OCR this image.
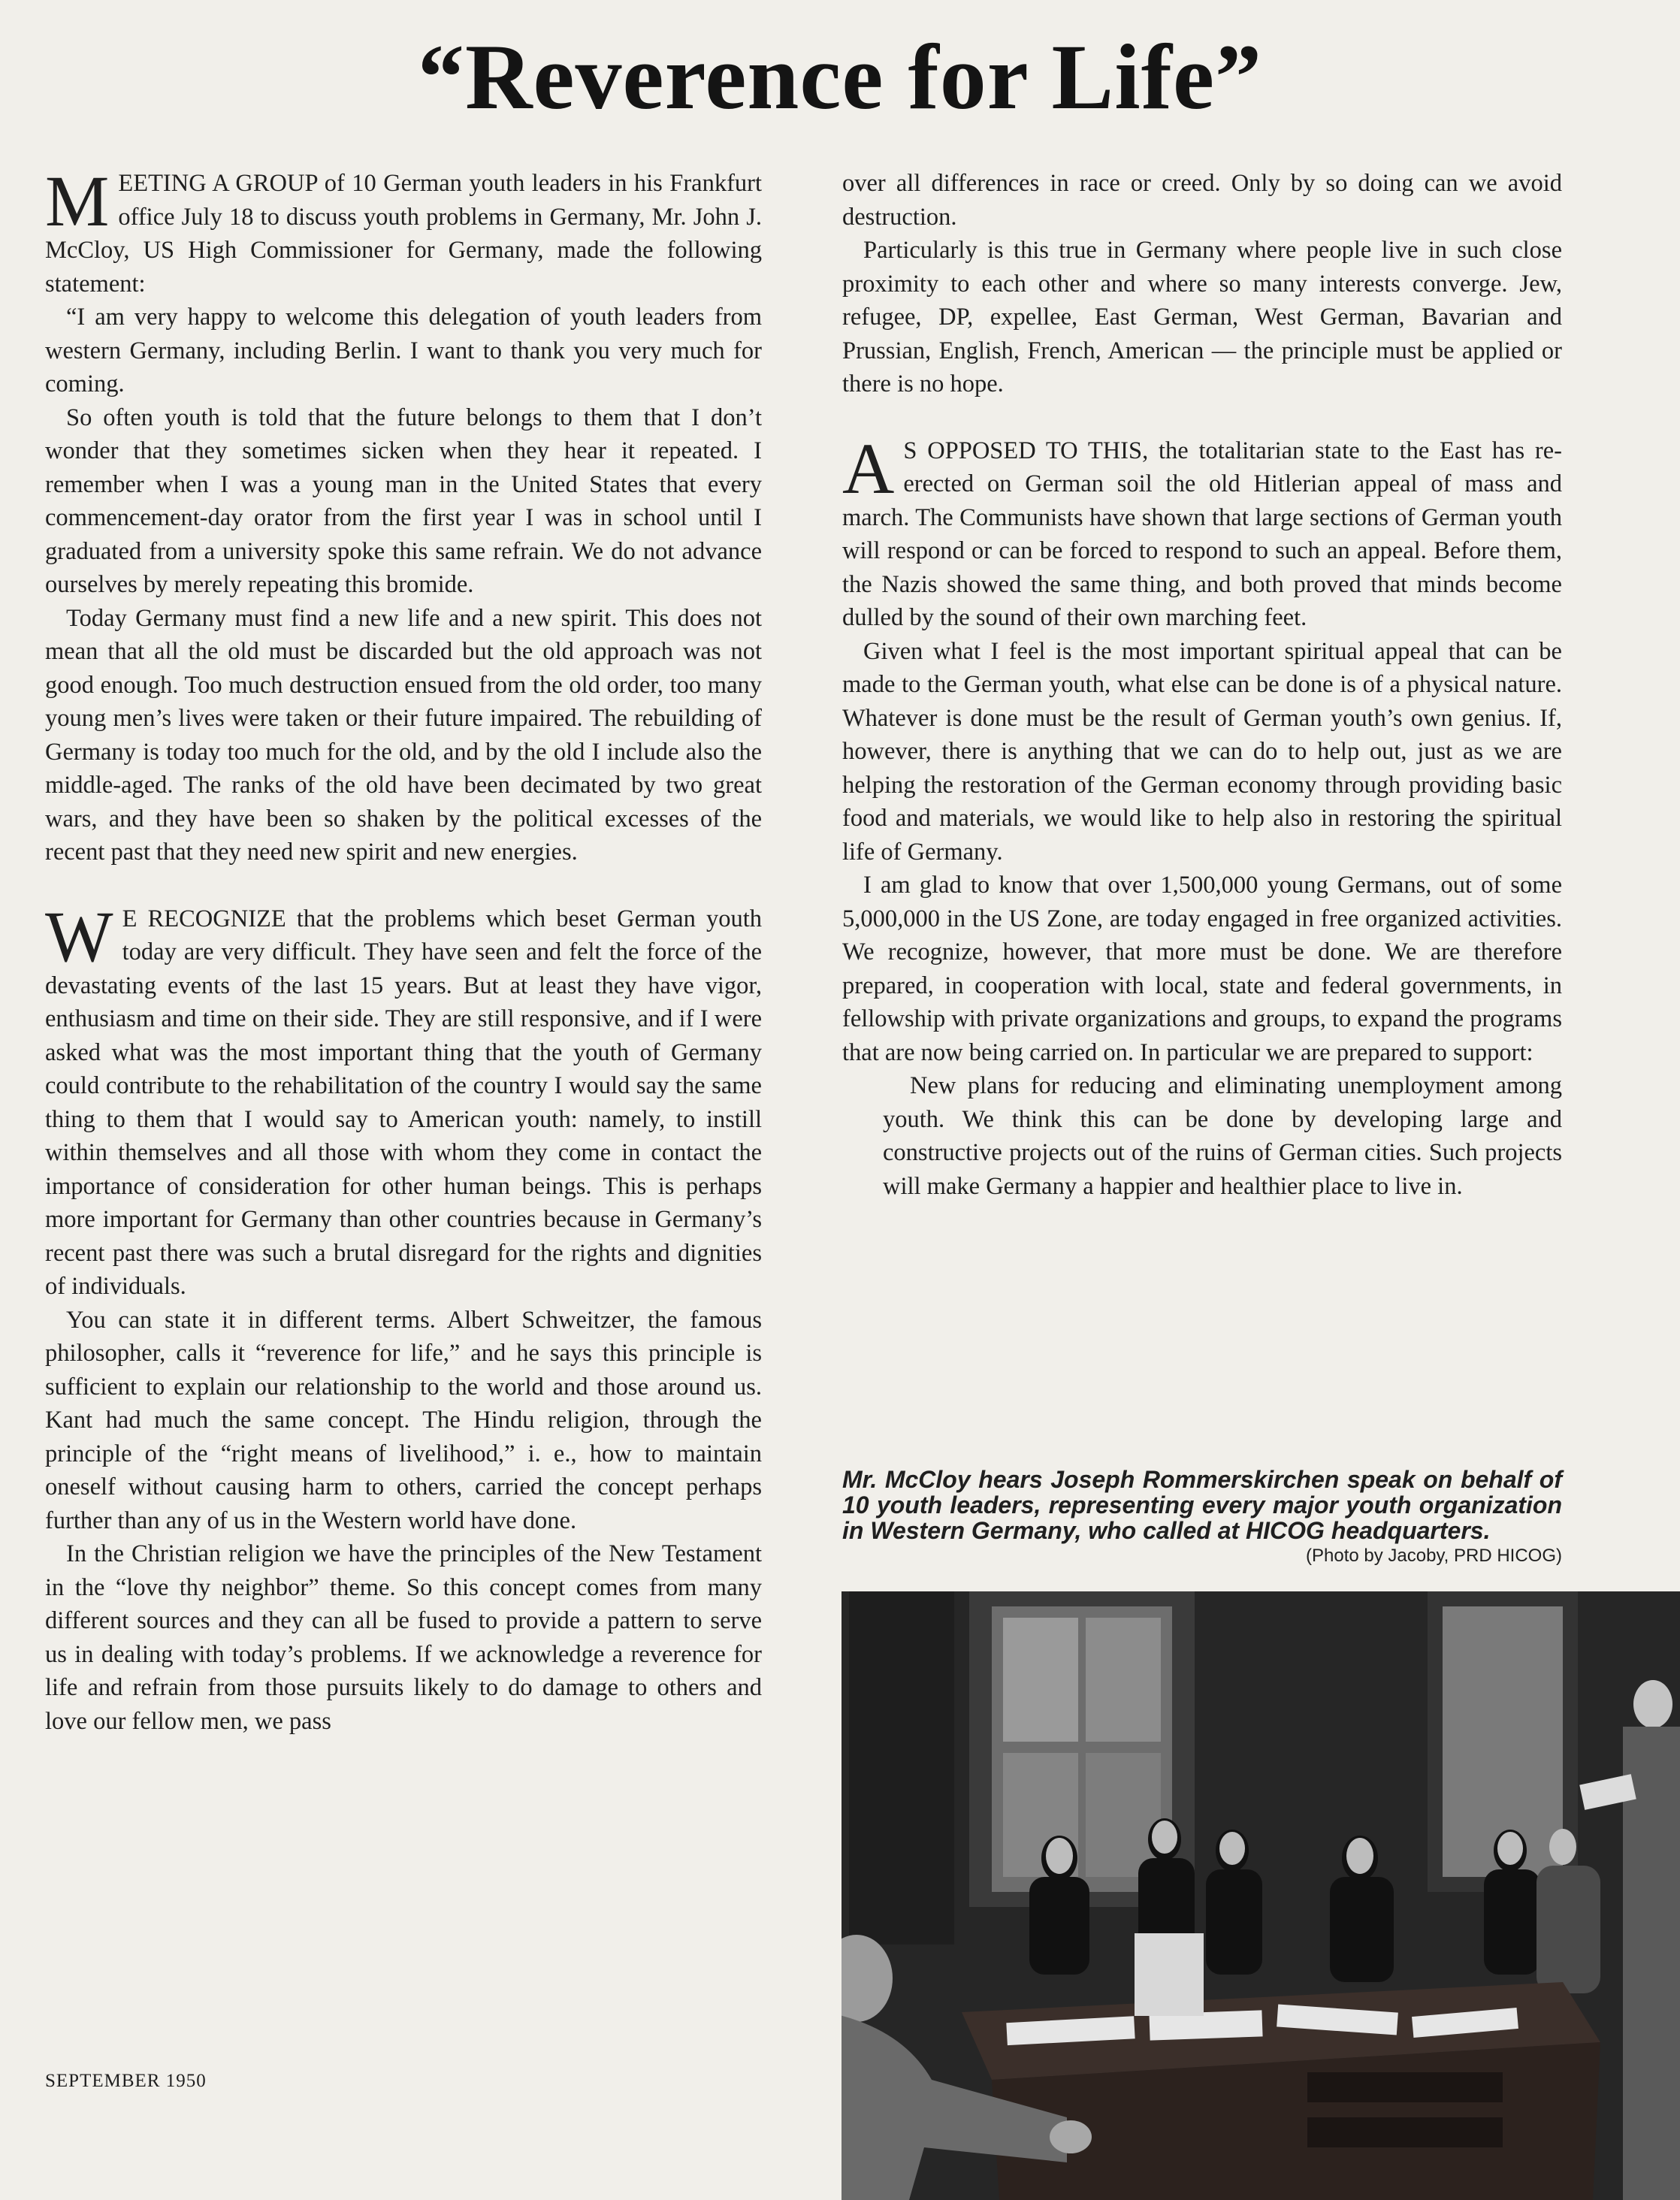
“Reverence for Life”

MEETING A GROUP of 10 German youth leaders in his Frankfurt office July 18 to discuss youth problems in Germany, Mr. John J. McCloy, US High Commissioner for Germany, made the following statement:

“I am very happy to welcome this delegation of youth leaders from western Germany, including Berlin. I want to thank you very much for coming.

So often youth is told that the future belongs to them that I don’t wonder that they sometimes sicken when they hear it repeated. I remember when I was a young man in the United States that every commencement-day orator from the first year I was in school until I graduated from a university spoke this same refrain. We do not advance ourselves by merely repeating this bromide.

Today Germany must find a new life and a new spirit. This does not mean that all the old must be discarded but the old approach was not good enough. Too much destruction ensued from the old order, too many young men’s lives were taken or their future impaired. The rebuilding of Germany is today too much for the old, and by the old I include also the middle-aged. The ranks of the old have been decimated by two great wars, and they have been so shaken by the political excesses of the recent past that they need new spirit and new energies.

W E RECOGNIZE that the problems which beset German youth today are very difficult. They have seen and felt the force of the devastating events of the last 15 years. But at least they have vigor, enthusiasm and time on their side. They are still responsive, and if I were asked what was the most important thing that the youth of Germany could contribute to the rehabilitation of the country I would say the same thing to them that I would say to American youth: namely, to instill within themselves and all those with whom they come in contact the importance of consideration for other human beings. This is perhaps more important for Germany than other countries because in Germany’s recent past there was such a brutal disregard for the rights and dignities of individuals.

You can state it in different terms. Albert Schweitzer, the famous philosopher, calls it “reverence for life,” and he says this principle is sufficient to explain our relationship to the world and those around us. Kant had much the same concept. The Hindu religion, through the principle of the “right means of livelihood,” i. e., how to maintain oneself without causing harm to others, carried the concept perhaps further than any of us in the Western world have done.

In the Christian religion we have the principles of the New Testament in the “love thy neighbor” theme. So this concept comes from many different sources and they can all be fused to provide a pattern to serve us in dealing with today’s problems. If we acknowledge a reverence for life and refrain from those pursuits likely to do damage to others and love our fellow men, we pass

over all differences in race or creed. Only by so doing can we avoid destruction.

Particularly is this true in Germany where people live in such close proximity to each other and where so many interests converge. Jew, refugee, DP, expellee, East German, West German, Bavarian and Prussian, English, French, American — the principle must be applied or there is no hope.

A S OPPOSED TO THIS, the totalitarian state to the East has re-erected on German soil the old Hitlerian appeal of mass and march. The Communists have shown that large sections of German youth will respond or can be forced to respond to such an appeal. Before them, the Nazis showed the same thing, and both proved that minds become dulled by the sound of their own marching feet.

Given what I feel is the most important spiritual appeal that can be made to the German youth, what else can be done is of a physical nature. Whatever is done must be the result of German youth’s own genius. If, however, there is anything that we can do to help out, just as we are helping the restoration of the German economy through providing basic food and materials, we would like to help also in restoring the spiritual life of Germany.

I am glad to know that over 1,500,000 young Germans, out of some 5,000,000 in the US Zone, are today engaged in free organized activities. We recognize, however, that more must be done. We are therefore prepared, in cooperation with local, state and federal governments, in fellowship with private organizations and groups, to expand the programs that are now being carried on. In particular we are prepared to support:

New plans for reducing and eliminating unemployment among youth. We think this can be done by developing large and constructive projects out of the ruins of German cities. Such projects will make Germany a happier and healthier place to live in.

Mr. McCloy hears Joseph Rommerskirchen speak on behalf of 10 youth leaders, representing every major youth organization in Western Germany, who called at HICOG headquarters.
(Photo by Jacoby, PRD HICOG)
SEPTEMBER 1950
